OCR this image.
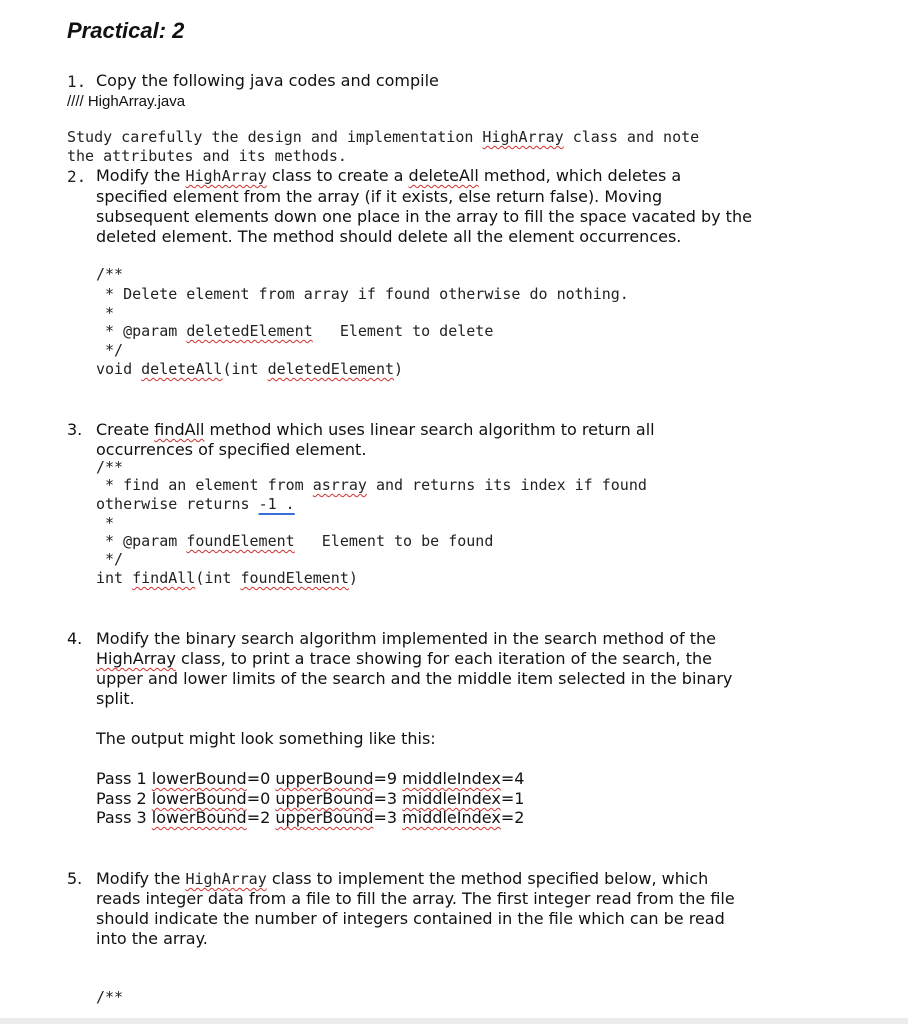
Practical: 2
1. Copy the following java codes and compile
//// HighArray.java
Study carefully the design and implementation HighArray class and note
the attributes and its methods.
2. Modify the HighArray class to create a deleteAll method, which deletes a
specified element from the array (if it exists, else return false). Moving
subsequent elements down one place in the array to fill the space vacated by the
deleted element. The method should delete all the element occurrences.
/**
* Delete element from array if found otherwise do nothing.
*
* @param deletedElement   Element to delete
*/
void deleteAll(int deletedElement)
3. Create findAll method which uses linear search algorithm to return all
occurrences of specified element.
/**
* find an element from asrray and returns its index if found
otherwise returns -1 .
*
* @param foundElement   Element to be found
*/
int findAll(int foundElement)
4. Modify the binary search algorithm implemented in the search method of the
HighArray class, to print a trace showing for each iteration of the search, the
upper and lower limits of the search and the middle item selected in the binary
split.
The output might look something like this:
Pass 1 lowerBound=0 upperBound=9 middleIndex=4
Pass 2 lowerBound=0 upperBound=3 middleIndex=1
Pass 3 lowerBound=2 upperBound=3 middleIndex=2
5. Modify the HighArray class to implement the method specified below, which
reads integer data from a file to fill the array. The first integer read from the file
should indicate the number of integers contained in the file which can be read
into the array.
/**
